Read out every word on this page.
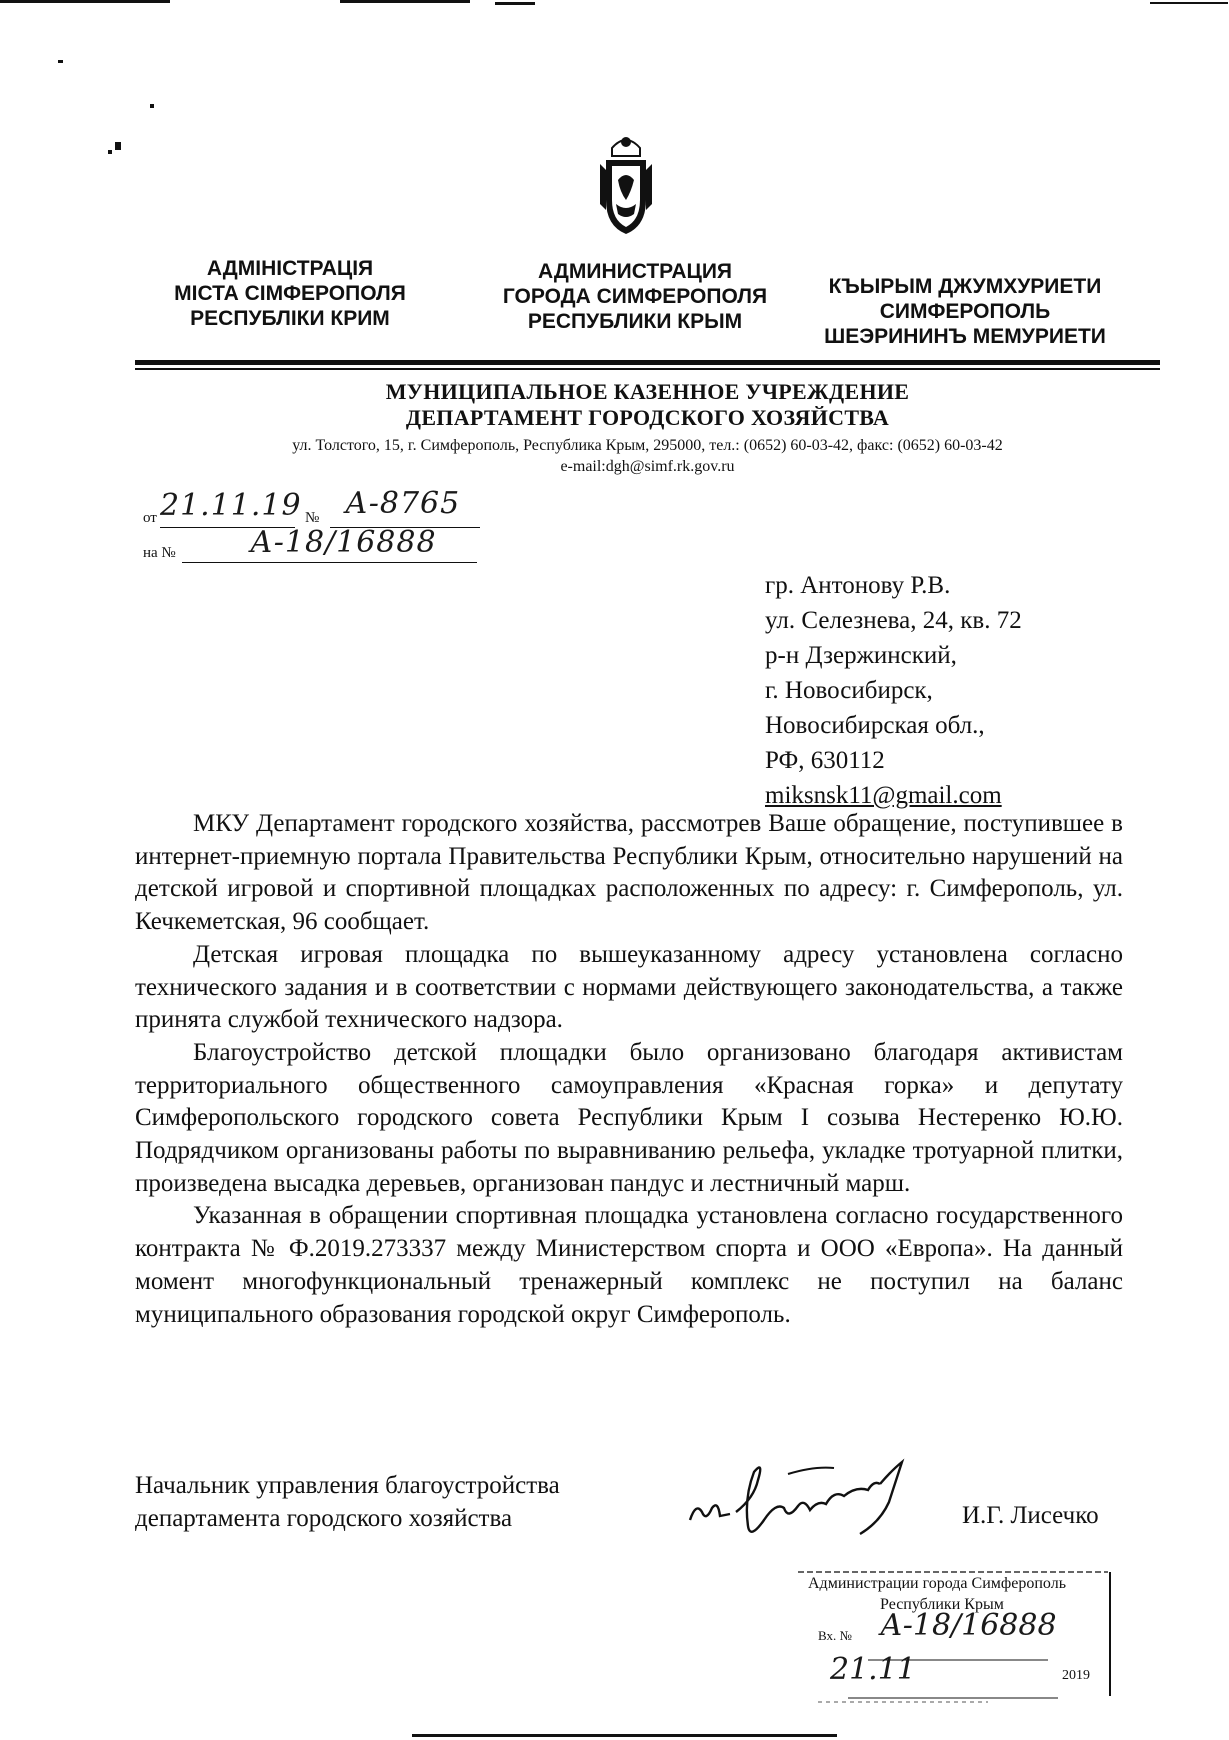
АДМІНІСТРАЦІЯ
МІСТА СІМФЕРОПОЛЯ
РЕСПУБЛІКИ КРИМ
АДМИНИСТРАЦИЯ
ГОРОДА СИМФЕРОПОЛЯ
РЕСПУБЛИКИ КРЫМ
КЪЫРЫМ ДЖУМХУРИЕТИ
СИМФЕРОПОЛЬ
ШЕЭРИНИНЪ МЕМУРИЕТИ
МУНИЦИПАЛЬНОЕ КАЗЕННОЕ УЧРЕЖДЕНИЕ
ДЕПАРТАМЕНТ ГОРОДСКОГО ХОЗЯЙСТВА
ул. Толстого, 15, г. Симферополь, Республика Крым, 295000, тел.: (0652) 60-03-42, факс: (0652) 60-03-42
e-mail:dgh@simf.rk.gov.ru
от 21.11.19 № А-8765
на № А-18/16888
гр. Антонову Р.В.
ул. Селезнева, 24, кв. 72
р-н Дзержинский,
г. Новосибирск,
Новосибирская обл.,
РФ, 630112
miksnsk11@gmail.com

МКУ Департамент городского хозяйства, рассмотрев Ваше обращение, поступившее в интернет-приемную портала Правительства Республики Крым, относительно нарушений на детской игровой и спортивной площадках расположенных по адресу: г. Симферополь, ул. Кечкеметская, 96 сообщает.

Детская игровая площадка по вышеуказанному адресу установлена согласно технического задания и в соответствии с нормами действующего законодательства, а также принята службой технического надзора.

Благоустройство детской площадки было организовано благодаря активистам территориального общественного самоуправления «Красная горка» и депутату Симферопольского городского совета Республики Крым I созыва Нестеренко Ю.Ю. Подрядчиком организованы работы по выравниванию рельефа, укладке тротуарной плитки, произведена высадка деревьев, организован пандус и лестничный марш.

Указанная в обращении спортивная площадка установлена согласно государственного контракта № Ф.2019.273337 между Министерством спорта и ООО «Европа». На данный момент многофункциональный тренажерный комплекс не поступил на баланс муниципального образования городской округ Симферополь.

Начальник управления благоустройства
департамента городского хозяйства	И.Г. Лисечко
Администрации города Симферополь
Республики Крым
Вх. № А-18/16888
21.11	2019
